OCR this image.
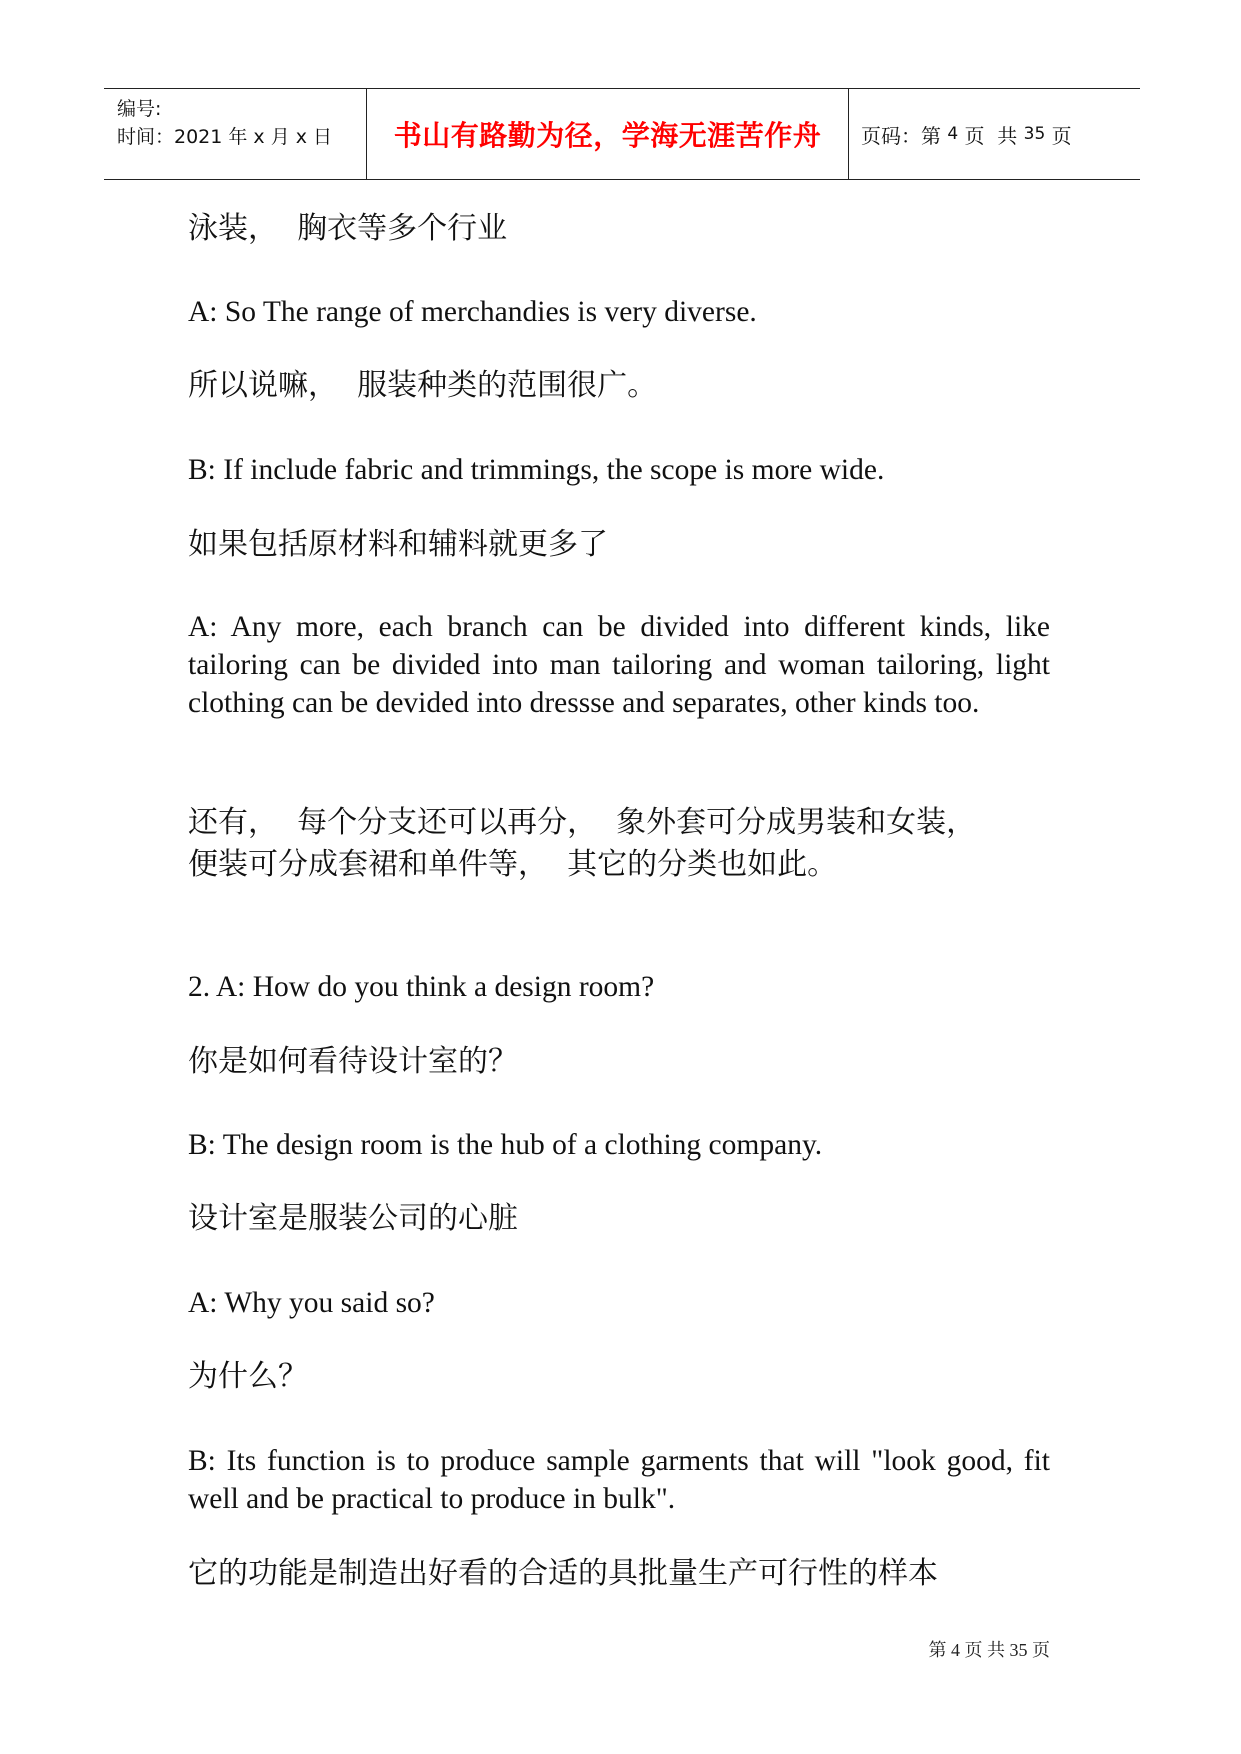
编号:
时间：2021 年 x 月 x 日	书山有路勤为径，学海无涯苦作舟	页码：第 4 页  共 35 页

泳装，  胸衣等多个行业

A: So The range of merchandies is very diverse.

所以说嘛，  服装种类的范围很广。

B: If include fabric and trimmings, the scope is more wide.

如果包括原材料和辅料就更多了

A: Any more, each branch can be divided into different kinds, like tailoring can be divided into man tailoring and woman tailoring, light clothing can be devided into dressse and separates, other kinds too.

还有，  每个分支还可以再分，  象外套可分成男装和女装，

便装可分成套裙和单件等，  其它的分类也如此。

2. A: How do you think a design room?

你是如何看待设计室的？

B: The design room is the hub of a clothing company.

设计室是服装公司的心脏

A: Why you said so?

为什么？

B: Its function is to produce sample garments that will "look good, fit well and be practical to produce in bulk".

它的功能是制造出好看的合适的具批量生产可行性的样本

第 4 页 共 35 页
